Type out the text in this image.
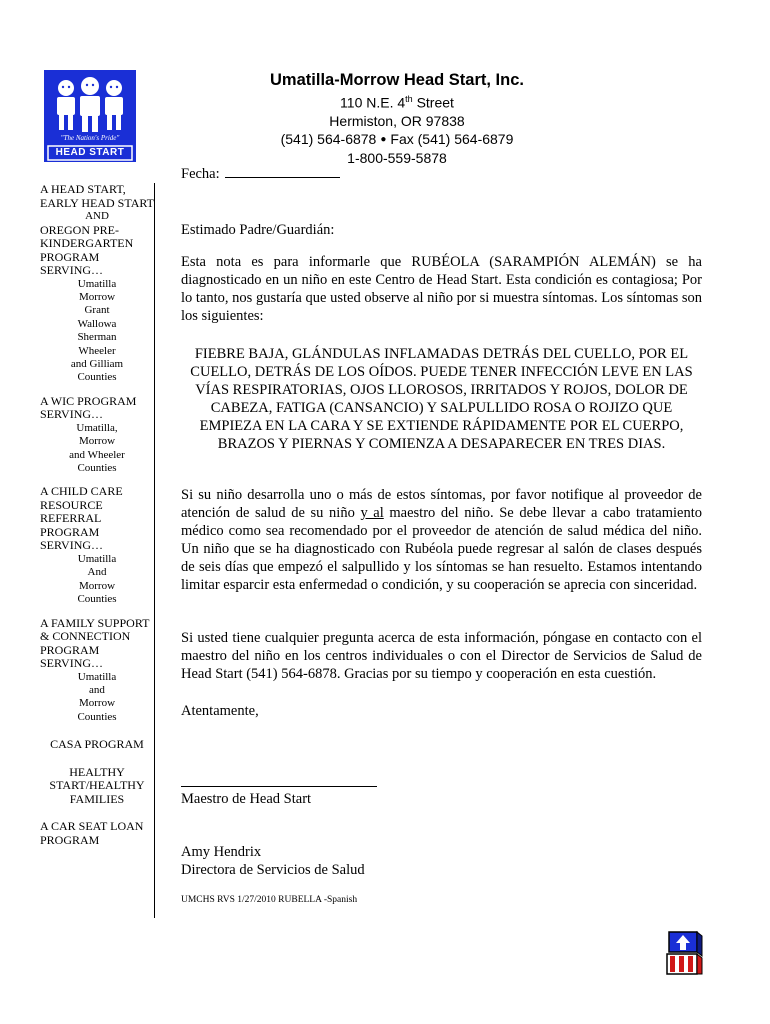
"The Nation's Pride"
HEAD START
A HEAD START, EARLY HEAD START
AND
OREGON PRE-KINDERGARTEN PROGRAM SERVING…
Umatilla
Morrow
Grant
Wallowa
Sherman
Wheeler
and Gilliam
Counties
A WIC PROGRAM SERVING…
Umatilla,
Morrow
and Wheeler
Counties
A CHILD CARE RESOURCE REFERRAL PROGRAM SERVING…
Umatilla
And
Morrow
Counties
A FAMILY SUPPORT & CONNECTION PROGRAM SERVING…
Umatilla
and
Morrow
Counties
CASA PROGRAM
HEALTHY START/HEALTHY FAMILIES
A CAR SEAT LOAN PROGRAM
Umatilla-Morrow Head Start, Inc.
110 N.E. 4th Street
Hermiston, OR 97838
(541) 564-6878 ● Fax (541) 564-6879
1-800-559-5878
Fecha:
Estimado Padre/Guardián:
Esta nota es para informarle que RUBÉOLA (SARAMPIÓN ALEMÁN) se ha diagnosticado en un niño en este Centro de Head Start. Esta condición es contagiosa; Por lo tanto, nos gustaría que usted observe al niño por si muestra síntomas. Los síntomas son los siguientes:
FIEBRE BAJA, GLÁNDULAS INFLAMADAS DETRÁS DEL CUELLO, POR EL CUELLO, DETRÁS DE LOS OÍDOS. PUEDE TENER INFECCIÓN LEVE EN LAS VÍAS RESPIRATORIAS, OJOS LLOROSOS, IRRITADOS Y ROJOS, DOLOR DE CABEZA, FATIGA (CANSANCIO) Y SALPULLIDO ROSA O ROJIZO QUE EMPIEZA EN LA CARA Y SE EXTIENDE RÁPIDAMENTE POR EL CUERPO, BRAZOS Y PIERNAS Y COMIENZA A DESAPARECER EN TRES DIAS.
Si su niño desarrolla uno o más de estos síntomas, por favor notifique al proveedor de atención de salud de su niño y al maestro del niño. Se debe llevar a cabo tratamiento médico como sea recomendado por el proveedor de atención de salud médica del niño. Un niño que se ha diagnosticado con Rubéola puede regresar al salón de clases después de seis días que empezó el salpullido y los síntomas se han resuelto. Estamos intentando limitar esparcir esta enfermedad o condición, y su cooperación se aprecia con sinceridad.
Si usted tiene cualquier pregunta acerca de esta información, póngase en contacto con el maestro del niño en los centros individuales o con el Director de Servicios de Salud de Head Start (541) 564-6878. Gracias por su tiempo y cooperación en esta cuestión.
Atentamente,
Maestro de Head Start
Amy Hendrix
Directora de Servicios de Salud
UMCHS RVS 1/27/2010 RUBELLA -Spanish
